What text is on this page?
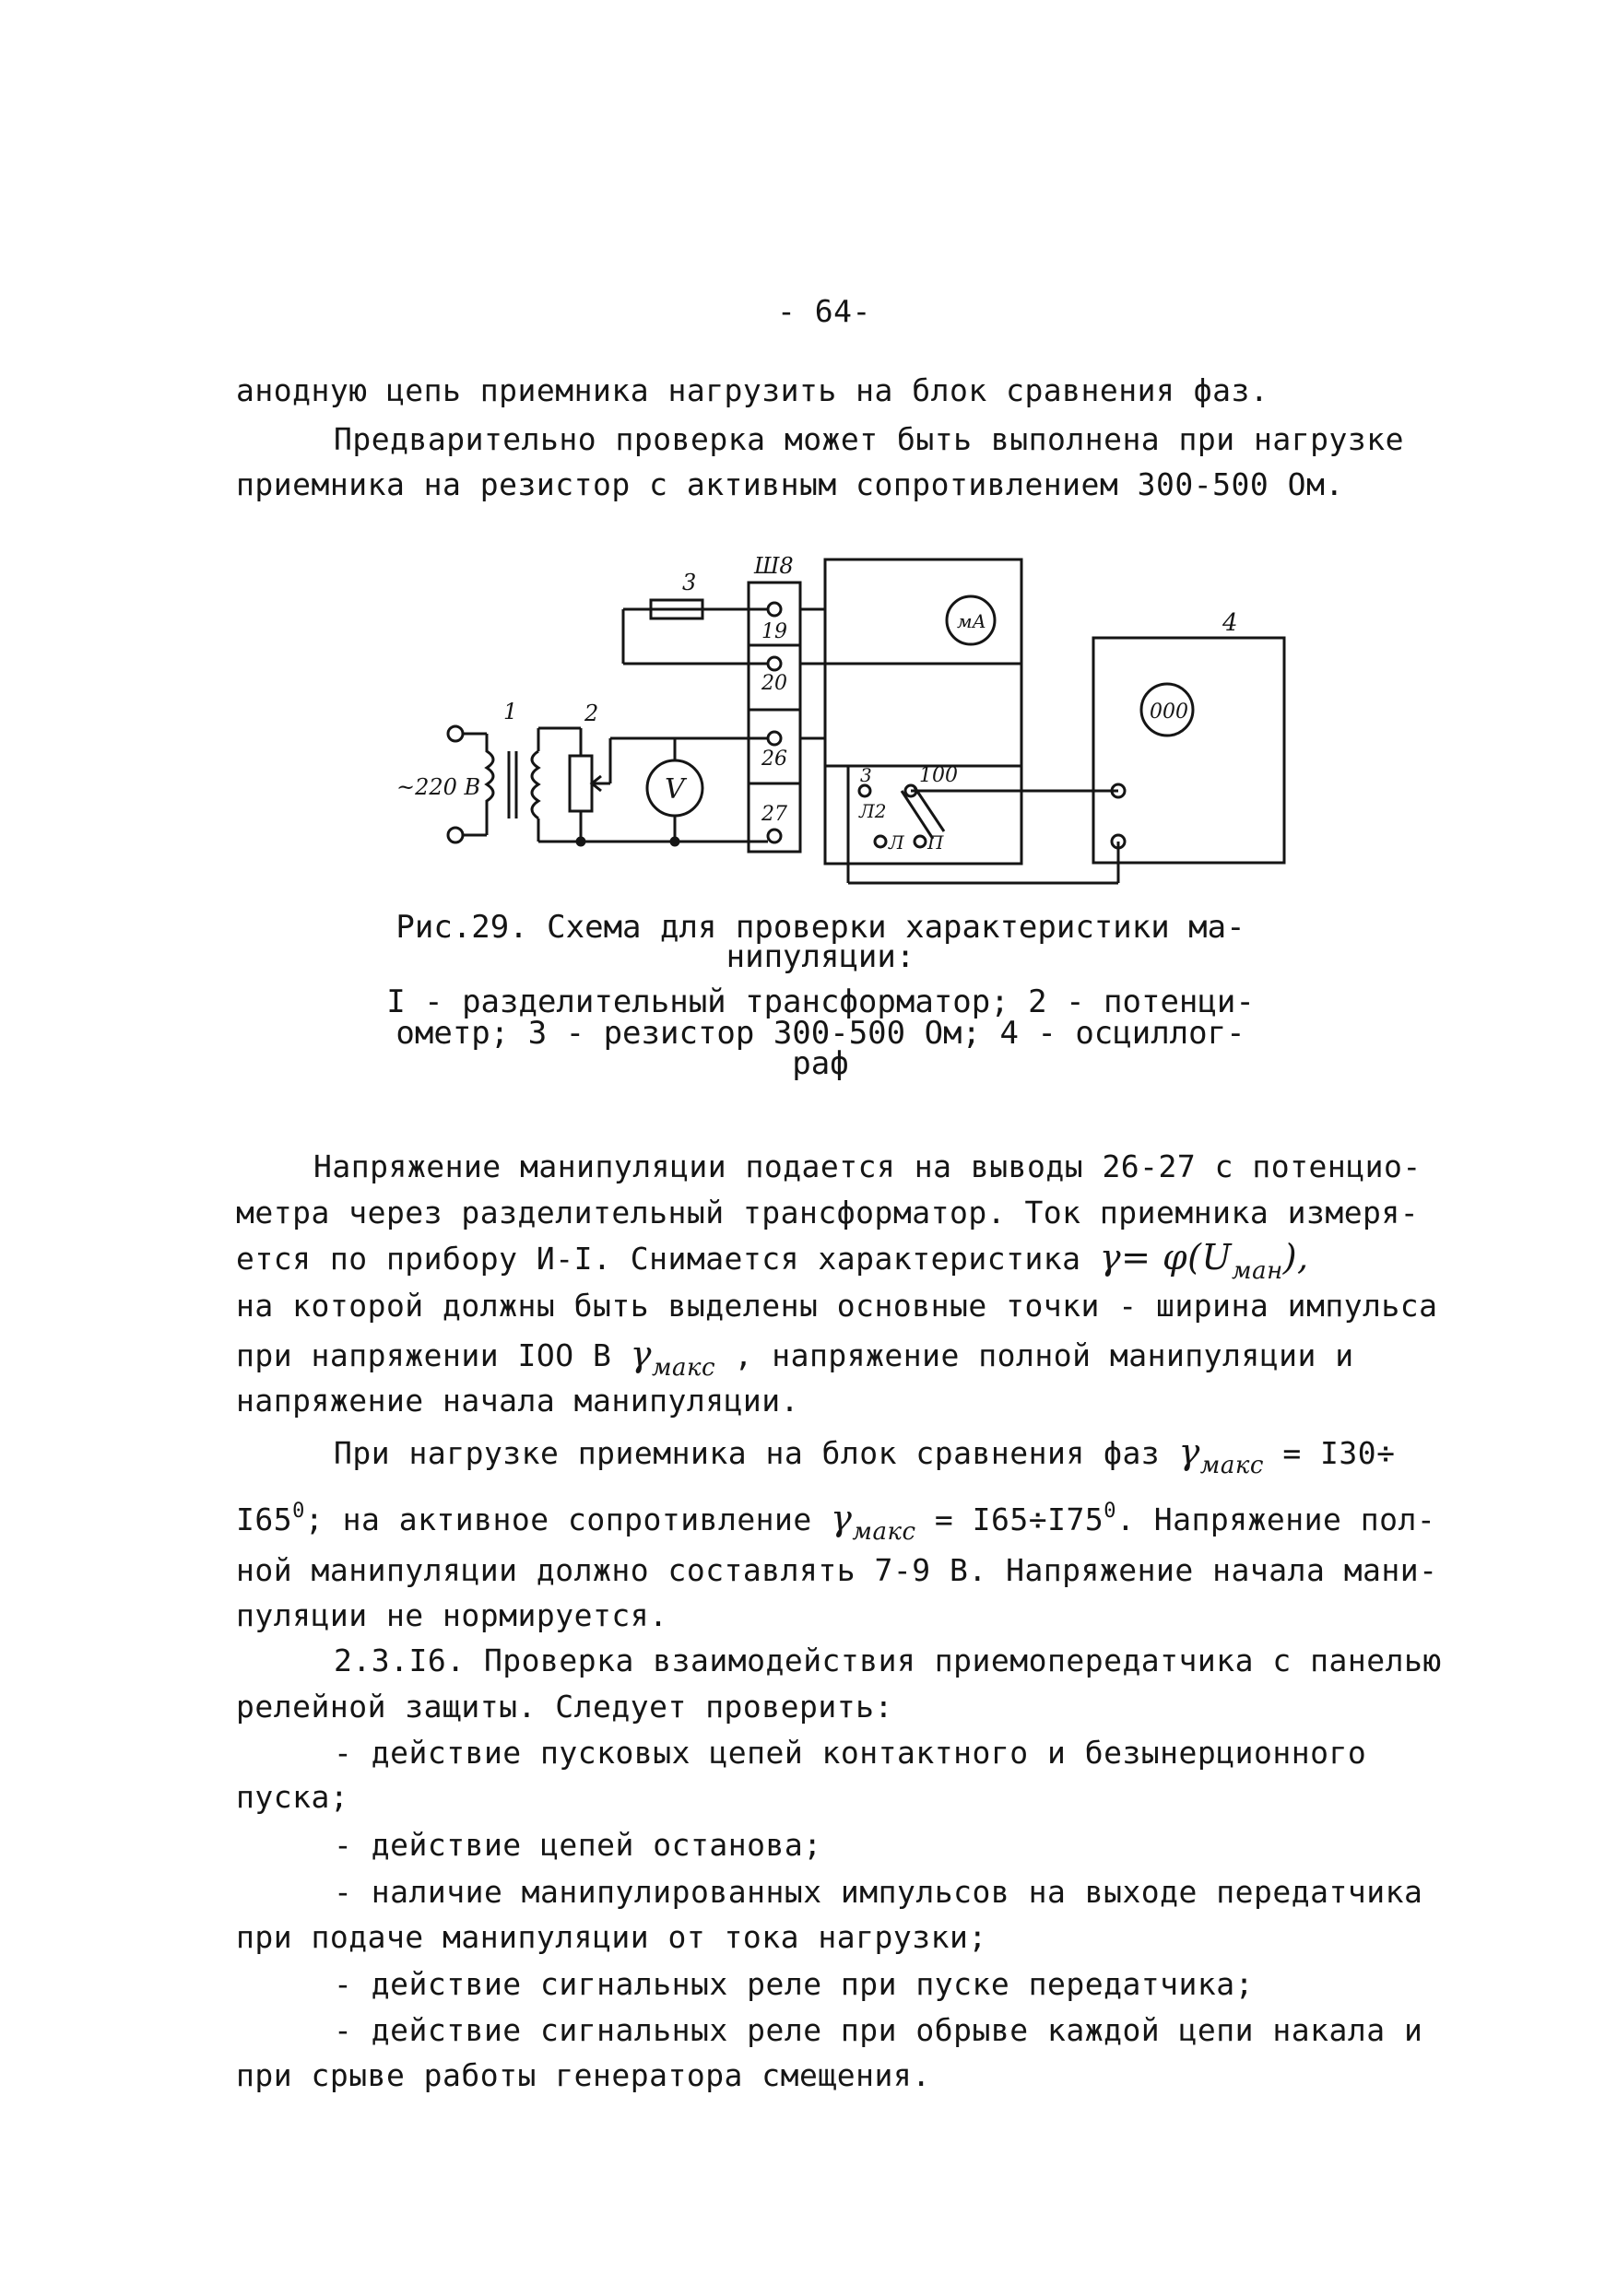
- 64-
анодную цепь приемника нагрузить на блок сравнения фаз.
Предварительно проверка может быть выполнена при нагрузке
приемника на резистор с активным сопротивлением 300-500 Ом.
Ш8
19
20
26
27
3
мА
3 100
Л2
Л П
000
4
~220 В
1	2
V
Рис.29. Схема для проверки характеристики ма-
нипуляции:
I - разделительный трансформатор; 2 - потенци-
ометр; 3 - резистор 300-500 Ом; 4 - осциллог-
раф
Напряжение манипуляции подается на выводы 26-27 с потенцио-
метра через разделительный трансформатор. Ток приемника измеря-
ется по прибору И-I. Снимается характеристика $\gamma= \varphi(U_{ман})$,
на которой должны быть выделены основные точки - ширина импульса
при напряжении IOO В $\gamma_{макс}$ , напряжение полной манипуляции и
напряжение начала манипуляции.
При нагрузке приемника на блок сравнения фаз $\gamma_{макс} = I30\div$
$I65^0$; на активное сопротивление $\gamma_{макс} = I65\div I75^0$. Напряжение пол-
ной манипуляции должно составлять 7-9 В. Напряжение начала мани-
пуляции не нормируется.
2.3.I6. Проверка взаимодействия приемопередатчика с панелью
релейной защиты. Следует проверить:
- действие пусковых цепей контактного и безынерционного
пуска;
- действие цепей останова;
- наличие манипулированных импульсов на выходе передатчика
при подаче манипуляции от тока нагрузки;
- действие сигнальных реле при пуске передатчика;
- действие сигнальных реле при обрыве каждой цепи накала и
при срыве работы генератора смещения.
